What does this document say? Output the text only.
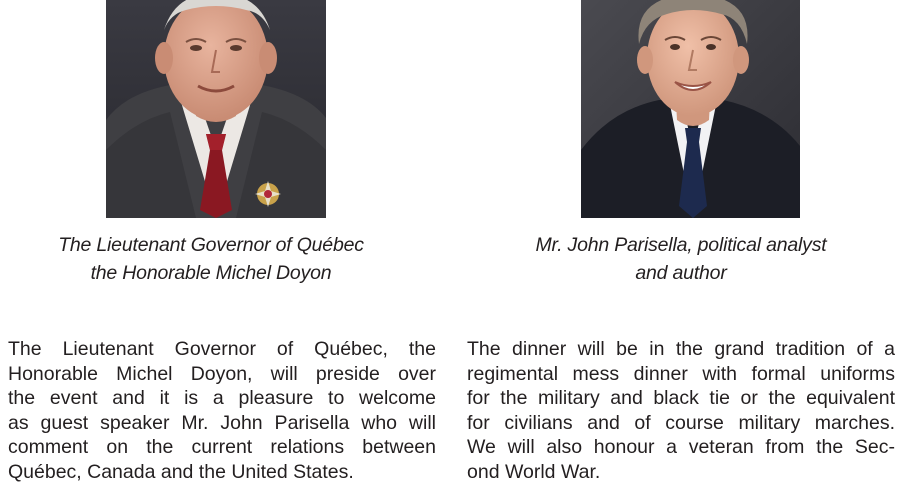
The Lieutenant Governor of Québec
the Honorable Michel Doyon
Mr. John Parisella, political analyst
and author
The Lieutenant Governor of Québec, the
Honorable Michel Doyon, will preside over
the event and it is a pleasure to welcome
as guest speaker Mr. John Parisella who will
comment on the current relations between
Québec, Canada and the United States.
The dinner will be in the grand tradition of a
regimental mess dinner with formal uniforms
for the military and black tie or the equivalent
for civilians and of course military marches.
We will also honour a veteran from the Sec-
ond World War.
